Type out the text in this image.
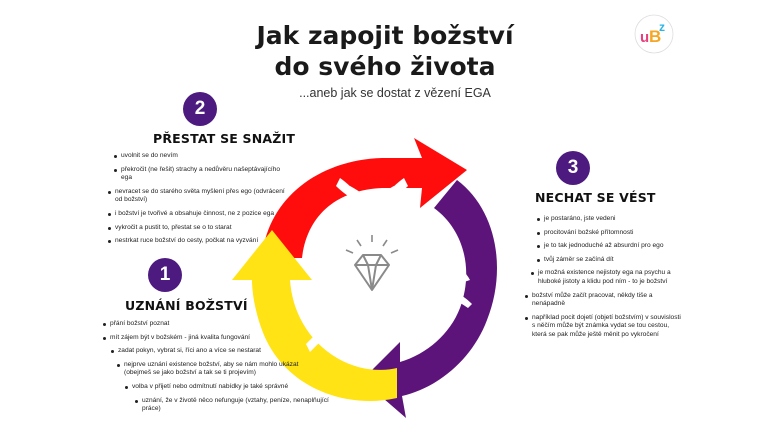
Jak zapojit božství
do svého života
...aneb jak se dostat z vězení EGA
u B
z
2
PŘESTAT SE SNAŽIT
uvolnit se do nevím
překročit (ne řešit) strachy a nedůvěru našeptávajícího ega
nevracet se do starého světa myšlení přes ego (odvrácení od božství)
i božství je tvořivé a obsahuje činnost, ne z pozice ega
vykročit a pustit to, přestat se o to starat
nestrkat ruce božství do cesty, počkat na vyzvání
1
UZNÁNÍ BOŽSTVÍ
přání božství poznat
mít zájem být v božském - jiná kvalita fungování
zadat pokyn, vybrat si, říci ano a více se nestarat
nejprve uznání existence božství, aby se nám mohlo ukázat (obejmeš se jako božství a tak se ti projevím)
volba v přijetí nebo odmítnutí nabídky je také správné
uznání, že v životě něco nefunguje (vztahy, peníze, nenaplňující práce)
3
NECHAT SE VÉST
je postaráno, jste vedeni
procitování božské přítomnosti
je to tak jednoduché až absurdní pro ego
tvůj záměr se začíná dít
je možná existence nejistoty ega na psychu a hluboké jistoty a klidu pod ním - to je božství
božství může začít pracovat, někdy tiše a nenápadně
například pocit dojetí (objetí božstvím) v souvislosti s něčím může být známka vydat se tou cestou, která se pak může ještě měnit po vykročení
